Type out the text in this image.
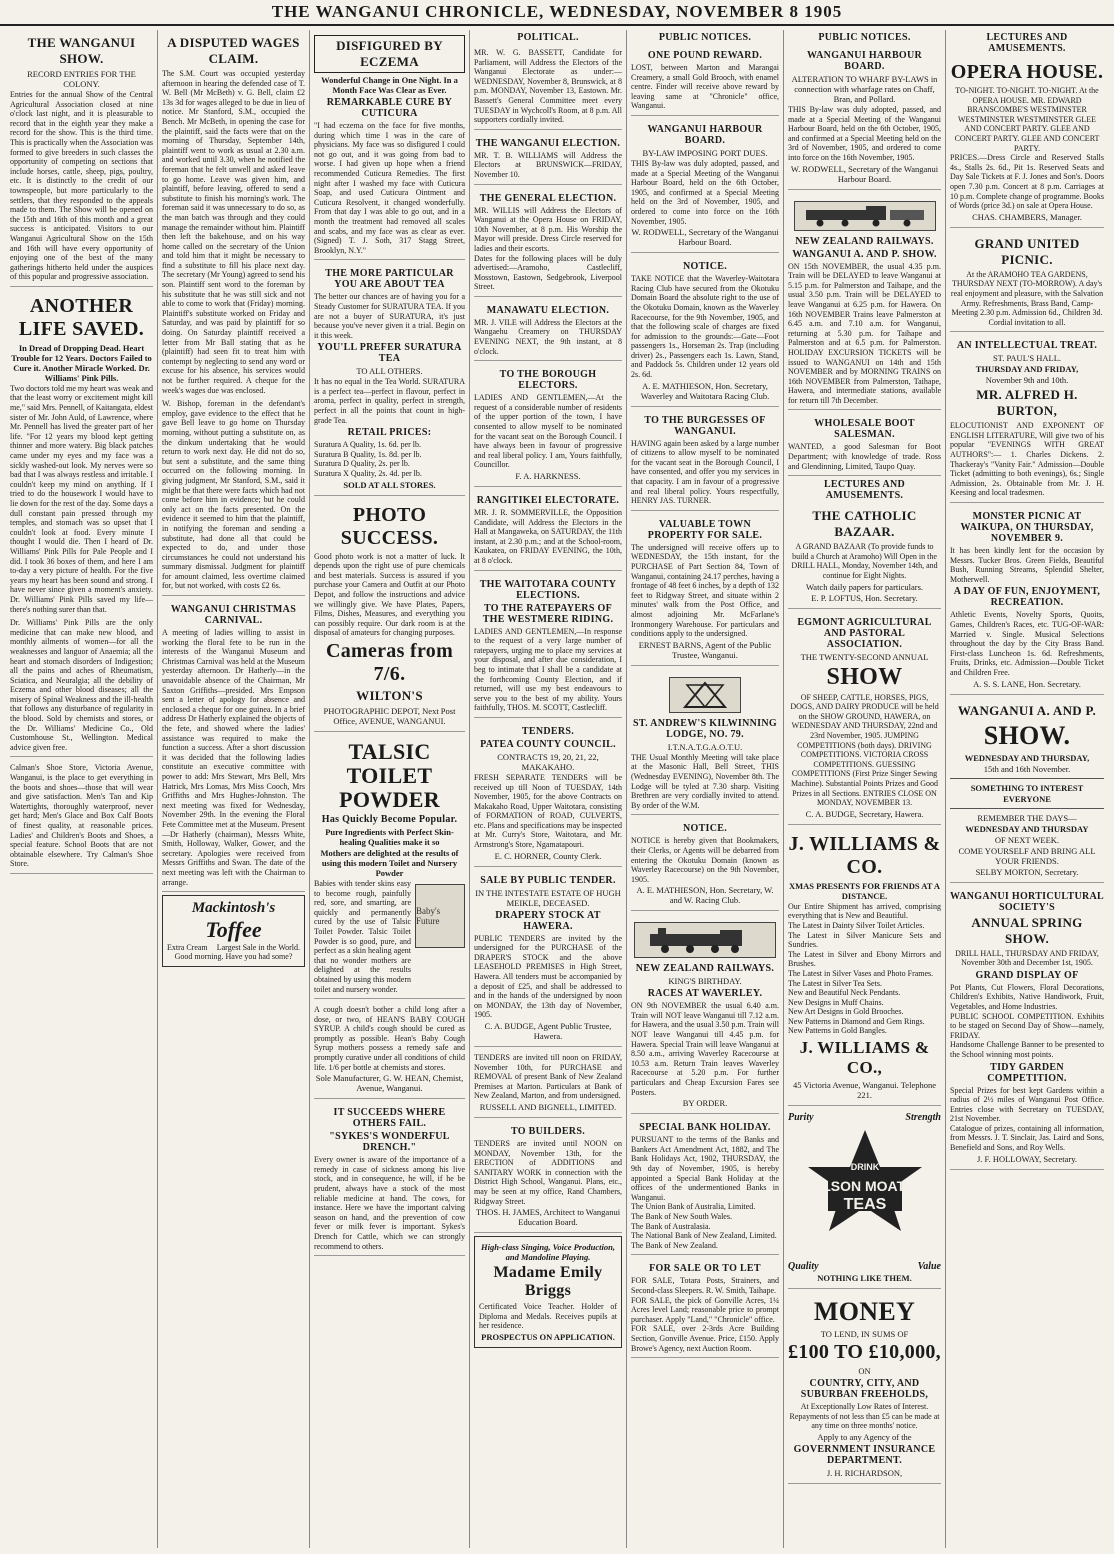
THE WANGANUI CHRONICLE, WEDNESDAY, NOVEMBER 8 1905
THE WANGANUI SHOW.
RECORD ENTRIES FOR THE COLONY.
Entries for the annual Show of the Central Agricultural Association closed at nine o'clock last night, and it is pleasurable to record that in the eighth year they make a record for the show. This is the third time. This is practically when the Association was formed to give breeders in such classes the opportunity of competing on sections that include horses, cattle, sheep, pigs, poultry, etc. It is distinctly to the credit of our townspeople, but more particularly to the settlers, that they responded to the appeals made to them. The Show will be opened on the 15th and 16th of this month and a great success is anticipated. Visitors to our Wanganui Agricultural Show on the 15th and 16th will have every opportunity of enjoying one of the best of the many gatherings hitherto held under the auspices of this popular and progressive association.
ANOTHER LIFE SAVED.
In Dread of Dropping Dead. Heart Trouble for 12 Years. Doctors Failed to Cure it. Another Miracle Worked. Dr. Williams' Pink Pills.
Two doctors told me my heart was weak and that the least worry or excitement might kill me," said Mrs. Pennell, of Kaitangata, eldest sister of Mr. John Auld, of Lawrence, where Mr. Pennell has lived the greater part of her life. "For 12 years my blood kept getting thinner and more watery. Big black patches came under my eyes and my face was a sickly washed-out look. My nerves were so bad that I was always restless and irritable. I couldn't keep my mind on anything. If I tried to do the housework I would have to lie down for the rest of the day. Some days a dull constant pain pressed through my temples, and stomach was so upset that I couldn't look at food. Every minute I thought I would die. Then I heard of Dr. Williams' Pink Pills for Pale People and I did. I took 36 boxes of them, and here I am to-day a very picture of health. For the five years my heart has been sound and strong. I have never since given a moment's anxiety. Dr. Williams' Pink Pills saved my life—there's nothing surer than that.
Dr. Williams' Pink Pills are the only medicine that can make new blood, and monthly ailments of women—for all the weaknesses and languor of Anaemia; all the heart and stomach disorders of Indigestion; all the pains and aches of Rheumatism, Sciatica, and Neuralgia; all the debility of Eczema and other blood diseases; all the misery of Spinal Weakness and the ill-health that follows any disturbance of regularity in the blood. Sold by chemists and stores, or the Dr. Williams' Medicine Co., Old Customhouse St., Wellington. Medical advice given free.
Calman's Shoe Store, Victoria Avenue, Wanganui, is the place to get everything in the boots and shoes—those that will wear and give satisfaction. Men's Tan and Kip Watertights, thoroughly waterproof, never get hard; Men's Glace and Box Calf Boots of finest quality, at reasonable prices. Ladies' and Children's Boots and Shoes, a special feature. School Boots that are not obtainable elsewhere. Try Calman's Shoe Store.
A DISPUTED WAGES CLAIM.
The S.M. Court was occupied yesterday afternoon in hearing the defended case of T. W. Bell (Mr McBeth) v. G. Bell, claim £2 13s 3d for wages alleged to be due in lieu of notice. Mr Stanford, S.M., occupied the Bench. Mr McBeth, in opening the case for the plaintiff, said the facts were that on the morning of Thursday, September 14th, plaintiff went to work as usual at 2.30 a.m. and worked until 3.30, when he notified the foreman that he felt unwell and asked leave to go home. Leave was given him, and plaintiff, before leaving, offered to send a substitute to finish his morning's work. The foreman said it was unnecessary to do so, as the man batch was through and they could manage the remainder without him. Plaintiff then left the bakehouse, and on his way home called on the secretary of the Union and told him that it might be necessary to find a substitute to fill his place next day. The secretary (Mr Young) agreed to send his son. Plaintiff sent word to the foreman by his substitute that he was still sick and not able to come to work that (Friday) morning. Plaintiff's substitute worked on Friday and Saturday, and was paid by plaintiff for so doing. On Saturday plaintiff received a letter from Mr Ball stating that as he (plaintiff) had seen fit to treat him with contempt by neglecting to send any word or excuse for his absence, his services would not be further required. A cheque for the week's wages due was enclosed.
W. Bishop, foreman in the defendant's employ, gave evidence to the effect that he gave Bell leave to go home on Thursday morning, without putting a substitute on, as the dinkum undertaking that he would return to work next day. He did not do so, but sent a substitute, and the same thing occurred on the following morning. In giving judgment, Mr Stanford, S.M., said it might be that there were facts which had not come before him in evidence; but he could only act on the facts presented. On the evidence it seemed to him that the plaintiff, in notifying the foreman and sending a substitute, had done all that could be expected to do, and under those circumstances he could not understand his summary dismissal. Judgment for plaintiff for amount claimed, less overtime claimed for, but not worked, with costs £2 6s.
WANGANUI CHRISTMAS CARNIVAL.
A meeting of ladies willing to assist in working the floral fete to be run in the interests of the Wanganui Museum and Christmas Carnival was held at the Museum yesterday afternoon. Dr Hatherly—in the unavoidable absence of the Chairman, Mr Saxton Griffiths—presided. Mrs Empson sent a letter of apology for absence and enclosed a cheque for one guinea. In a brief address Dr Hatherly explained the objects of the fete, and showed where the ladies' assistance was required to make the function a success. After a short discussion it was decided that the following ladies constitute an executive committee with power to add: Mrs Stewart, Mrs Bell, Mrs Hatrick, Mrs Lomas, Mrs Miss Cooch, Mrs Griffiths and Mrs Hughes-Johnston. The next meeting was fixed for Wednesday, November 29th. In the evening the Floral Fete Committee met at the Museum. Present—Dr Hatherly (chairman), Messrs White, Smith, Holloway, Walker, Gower, and the secretary. Apologies were received from Messrs Griffiths and Swan. The date of the next meeting was left with the Chairman to arrange.
Mackintosh's
Toffee
Extra Cream Largest Sale in the World.
Good morning. Have you had some?
DISFIGURED BY ECZEMA
Wonderful Change in One Night. In a Month Face Was Clear as Ever.
REMARKABLE CURE BY CUTICURA
"I had eczema on the face for five months, during which time I was in the care of physicians. My face was so disfigured I could not go out, and it was going from bad to worse. I had given up hope when a friend recommended Cuticura Remedies. The first night after I washed my face with Cuticura Soap, and used Cuticura Ointment and Cuticura Resolvent, it changed wonderfully. From that day I was able to go out, and in a month the treatment had removed all scales and scabs, and my face was as clear as ever. (Signed) T. J. Soth, 317 Stagg Street, Brooklyn, N.Y."
THE MORE PARTICULAR YOU ARE ABOUT TEA
The better our chances are of having you for a Steady Customer for SURATURA TEA. If you are not a buyer of SURATURA, it's just because you've never given it a trial. Begin on it this week.
YOU'LL PREFER SURATURA TEA
TO ALL OTHERS.
It has no equal in the Tea World. SURATURA is a perfect tea—perfect in flavour, perfect in aroma, perfect in quality, perfect in strength, perfect in all the points that count in high-grade Tea.
RETAIL PRICES:
Suratura A Quality, 1s. 6d. per lb.
Suratura B Quality, 1s. 8d. per lb.
Suratura D Quality, 2s. per lb.
Suratura X Quality, 2s. 4d. per lb.
SOLD AT ALL STORES.
PHOTO SUCCESS.
Good photo work is not a matter of luck. It depends upon the right use of pure chemicals and best materials. Success is assured if you purchase your Camera and Outfit at our Photo Depot, and follow the instructions and advice we willingly give. We have Plates, Papers, Films, Dishes, Measures, and everything you can possibly require. Our dark room is at the disposal of amateurs for changing purposes.
Cameras from 7/6.
WILTON'S
PHOTOGRAPHIC DEPOT, Next Post Office, AVENUE, WANGANUI.
TALSIC TOILET POWDER
Has Quickly Become Popular.
Pure Ingredients with Perfect Skin-healing Qualities make it so
Mothers are delighted at the results of using this modern Toilet and Nursery Powder
Babies with tender skins easy to become rough, painfully red, sore, and smarting, are quickly and permanently cured by the use of Talsic Toilet Powder. Talsic Toilet Powder is so good, pure, and perfect as a skin healing agent that no wonder mothers are delighted at the results obtained by using this modern toilet and nursery wonder.
Baby's Future
A cough doesn't bother a child long after a dose, or two, of HEAN'S BABY COUGH SYRUP. A child's cough should be cured as promptly as possible. Hean's Baby Cough Syrup mothers possess a remedy safe and promptly curative under all conditions of child life. 1/6 per bottle at chemists and stores.
Sole Manufacturer, G. W. HEAN, Chemist, Avenue, Wanganui.
IT SUCCEEDS WHERE OTHERS FAIL.
"SYKES'S WONDERFUL DRENCH."
Every owner is aware of the importance of a remedy in case of sickness among his live stock, and in consequence, he will, if he be prudent, always have a stock of the most reliable medicine at hand. The cows, for instance. Here we have the important calving season on hand, and the prevention of cow fever or milk fever is important. Sykes's Drench for Cattle, which we can strongly recommend to others.
POLITICAL.
MR. W. G. BASSETT, Candidate for Parliament, will Address the Electors of the Wanganui Electorate as under:—WEDNESDAY, November 8, Brunswick, at 8 p.m. MONDAY, November 13, Eastown. Mr. Bassett's General Committee meet every TUESDAY in Wychcoll's Room, at 8 p.m. All supporters cordially invited.
THE WANGANUI ELECTION.
MR. T. B. WILLIAMS will Address the Electors at BRUNSWICK—FRIDAY, November 10.
THE GENERAL ELECTION.
MR. WILLIS will Address the Electors of Wanganui at the Opera House on FRIDAY, 10th November, at 8 p.m. His Worship the Mayor will preside. Dress Circle reserved for ladies and their escorts.
Dates for the following places will be duly advertised:—Aramoho, Castlecliff, Mosstown, Eastown, Sedgebrook, Liverpool Street.
MANAWATU ELECTION.
MR. J. VILE will Address the Electors at the Wangaehu Creamery on THURSDAY EVENING NEXT, the 9th instant, at 8 o'clock.
TO THE BOROUGH ELECTORS.
LADIES AND GENTLEMEN,—At the request of a considerable number of residents of the upper portion of the town, I have consented to allow myself to be nominated for the vacant seat on the Borough Council. I have always been in favour of progressive and real liberal policy. I am, Yours faithfully, Councillor.
F. A. HARKNESS.
RANGITIKEI ELECTORATE.
MR. J. R. SOMMERVILLE, the Opposition Candidate, will Address the Electors in the Hall at Mangaweka, on SATURDAY, the 11th instant, at 2.30 p.m.; and at the School-room, Kaukatea, on FRIDAY EVENING, the 10th, at 8 o'clock.
THE WAITOTARA COUNTY ELECTIONS.
TO THE RATEPAYERS OF THE WESTMERE RIDING.
LADIES AND GENTLEMEN,—In response to the request of a very large number of ratepayers, urging me to place my services at your disposal, and after due consideration, I beg to intimate that I shall be a candidate at the forthcoming County Election, and if returned, will use my best endeavours to serve you to the best of my ability. Yours faithfully, THOS. M. SCOTT, Castlecliff.
TENDERS.
PATEA COUNTY COUNCIL.
CONTRACTS 19, 20, 21, 22, MAKAKAHO.
FRESH SEPARATE TENDERS will be received up till Noon of TUESDAY, 14th November, 1905, for the above Contracts on Makakaho Road, Upper Waitotara, consisting of FORMATION of ROAD, CULVERTS, etc. Plans and specifications may be inspected at Mr. Curry's Store, Waitotara, and Mr. Armstrong's Store, Ngamatapouri.
E. C. HORNER, County Clerk.
SALE BY PUBLIC TENDER.
IN THE INTESTATE ESTATE OF HUGH MEIKLE, DECEASED.
DRAPERY STOCK AT HAWERA.
PUBLIC TENDERS are invited by the undersigned for the PURCHASE of the DRAPER'S STOCK and the above LEASEHOLD PREMISES in High Street, Hawera. All tenders must be accompanied by a deposit of £25, and shall be addressed to and in the hands of the undersigned by noon on MONDAY, the 13th day of November, 1905.
C. A. BUDGE, Agent Public Trustee, Hawera.
TENDERS are invited till noon on FRIDAY, November 10th, for PURCHASE and REMOVAL of present Bank of New Zealand Premises at Marton. Particulars at Bank of New Zealand, Marton, and from undersigned.
RUSSELL AND BIGNELL, LIMITED.
TO BUILDERS.
TENDERS are invited until NOON on MONDAY, November 13th, for the ERECTION of ADDITIONS and SANITARY WORK in connection with the District High School, Wanganui. Plans, etc., may be seen at my office, Rand Chambers, Ridgway Street.
THOS. H. JAMES, Architect to Wanganui Education Board.
High-class Singing, Voice Production, and Mandoline Playing.
Madame Emily Briggs
Certificated Voice Teacher. Holder of Diploma and Medals. Receives pupils at her residence.
PROSPECTUS ON APPLICATION.
PUBLIC NOTICES.
ONE POUND REWARD.
LOST, between Marton and Marangai Creamery, a small Gold Brooch, with enamel centre. Finder will receive above reward by leaving same at "Chronicle" office, Wanganui.
WANGANUI HARBOUR BOARD.
BY-LAW IMPOSING PORT DUES.
THIS By-law was duly adopted, passed, and made at a Special Meeting of the Wanganui Harbour Board, held on the 6th October, 1905, and confirmed at a Special Meeting held on the 3rd of November, 1905, and ordered to come into force on the 16th November, 1905.
W. RODWELL, Secretary of the Wanganui Harbour Board.
NOTICE.
TAKE NOTICE that the Waverley-Waitotara Racing Club have secured from the Okotuku Domain Board the absolute right to the use of the Okotuku Domain, known as the Waverley Racecourse, for the 9th November, 1905, and that the following scale of charges are fixed for admission to the grounds:—Gate—Foot passengers 1s., Horseman 2s. Trap (including driver) 2s., Passengers each 1s. Lawn, Stand, and Paddock 5s. Children under 12 years old 2s. 6d.
A. E. MATHIESON, Hon. Secretary, Waverley and Waitotara Racing Club.
TO THE BURGESSES OF WANGANUI.
HAVING again been asked by a large number of citizens to allow myself to be nominated for the vacant seat in the Borough Council, I have consented, and offer you my services in that capacity. I am in favour of a progressive and real liberal policy. Yours respectfully, HENRY JAS. TURNER.
VALUABLE TOWN PROPERTY FOR SALE.
The undersigned will receive offers up to WEDNESDAY, the 15th instant, for the PURCHASE of Part Section 84, Town of Wanganui, containing 24.17 perches, having a frontage of 48 feet 6 inches, by a depth of 132 feet to Ridgway Street, and situate within 2 minutes' walk from the Post Office, and almost adjoining Mr. McFarlane's Ironmongery Warehouse. For particulars and conditions apply to the undersigned.
ERNEST BARNS, Agent of the Public Trustee, Wanganui.
ST. ANDREW'S KILWINNING LODGE, NO. 79.
I.T.N.A.T.G.A.O.T.U.
THE Usual Monthly Meeting will take place at the Masonic Hall, Bell Street, THIS (Wednesday EVENING), November 8th. The Lodge will be tyled at 7.30 sharp. Visiting Brethren are very cordially invited to attend. By order of the W.M.
NOTICE.
NOTICE is hereby given that Bookmakers, their Clerks, or Agents will be debarred from entering the Okotuku Domain (known as Waverley Racecourse) on the 9th November, 1905.
A. E. MATHIESON, Hon. Secretary, W. and W. Racing Club.
NEW ZEALAND RAILWAYS.
KING'S BIRTHDAY.
RACES AT WAVERLEY.
ON 9th NOVEMBER the usual 6.40 a.m. Train will NOT leave Wanganui till 7.12 a.m. for Hawera, and the usual 3.50 p.m. Train will NOT leave Wanganui till 4.45 p.m. for Hawera. Special Train will leave Wanganui at 8.50 a.m., arriving Waverley Racecourse at 10.53 a.m. Return Train leaves Waverley Racecourse at 5.20 p.m. For further particulars and Cheap Excursion Fares see Posters.
BY ORDER.
SPECIAL BANK HOLIDAY.
PURSUANT to the terms of the Banks and Bankers Act Amendment Act, 1882, and The Bank Holidays Act, 1902, THURSDAY, the 9th day of November, 1905, is hereby appointed a Special Bank Holiday at the offices of the undermentioned Banks in Wanganui.
The Union Bank of Australia, Limited.
The Bank of New South Wales.
The Bank of Australasia.
The National Bank of New Zealand, Limited.
The Bank of New Zealand.
FOR SALE OR TO LET
FOR SALE, Totara Posts, Strainers, and Second-class Sleepers. R. W. Smith, Taihape.
FOR SALE, the pick of Gonville Acres, 1¼ Acres level Land; reasonable price to prompt purchaser. Apply "Land," "Chronicle" office.
FOR SALE, over 2-3rds Acre Building Section, Gonville Avenue. Price, £150. Apply Browe's Agency, next Auction Room.
PUBLIC NOTICES.
WANGANUI HARBOUR BOARD.
ALTERATION TO WHARF BY-LAWS in connection with wharfage rates on Chaff, Bran, and Pollard.
THIS By-law was duly adopted, passed, and made at a Special Meeting of the Wanganui Harbour Board, held on the 6th October, 1905, and confirmed at a Special Meeting held on the 3rd of November, 1905, and ordered to come into force on the 16th November, 1905.
W. RODWELL, Secretary of the Wanganui Harbour Board.
NEW ZEALAND RAILWAYS.
WANGANUI A. AND P. SHOW.
ON 15th NOVEMBER, the usual 4.35 p.m. Train will be DELAYED to leave Wanganui at 5.15 p.m. for Palmerston and Taihape, and the usual 3.50 p.m. Train will be DELAYED to leave Wanganui at 6.25 p.m. for Hawera. On 16th NOVEMBER Trains leave Palmerston at 6.45 a.m. and 7.10 a.m. for Wanganui, returning at 5.30 p.m. for Taihape and Palmerston and at 6.5 p.m. for Palmerston. HOLIDAY EXCURSION TICKETS will be issued to WANGANUI on 14th and 15th NOVEMBER and by MORNING TRAINS on 16th NOVEMBER from Palmerston, Taihape, Hawera, and intermediate stations, available for return till 7th December.
WHOLESALE BOOT SALESMAN.
WANTED, a good Salesman for Boot Department; with knowledge of trade. Ross and Glendinning, Limited, Taupo Quay.
LECTURES AND AMUSEMENTS.
THE CATHOLIC BAZAAR.
A GRAND BAZAAR (To provide funds to build a Church at Aramoho) Will Open in the DRILL HALL, Monday, November 14th, and continue for Eight Nights.
Watch daily papers for particulars.
E. P. LOFTUS, Hon. Secretary.
EGMONT AGRICULTURAL AND PASTORAL ASSOCIATION.
THE TWENTY-SECOND ANNUAL
SHOW
OF SHEEP, CATTLE, HORSES, PIGS, DOGS, AND DAIRY PRODUCE will be held on the SHOW GROUND, HAWERA, on WEDNESDAY AND THURSDAY, 22nd and 23rd November, 1905. JUMPING COMPETITIONS (both days). DRIVING COMPETITIONS. VICTORIA CROSS COMPETITIONS. GUESSING COMPETITIONS (First Prize Singer Sewing Machine). Substantial Points Prizes and Good Prizes in all Sections. ENTRIES CLOSE ON MONDAY, NOVEMBER 13.
C. A. BUDGE, Secretary, Hawera.
J. WILLIAMS & CO.
XMAS PRESENTS FOR FRIENDS AT A DISTANCE.
Our Entire Shipment has arrived, comprising everything that is New and Beautiful.
The Latest in Dainty Silver Toilet Articles.
The Latest in Silver Manicure Sets and Sundries.
The Latest in Silver and Ebony Mirrors and Brushes.
The Latest in Silver Vases and Photo Frames.
The Latest in Silver Tea Sets.
New and Beautiful Neck Pendants.
New Designs in Muff Chains.
New Art Designs in Gold Brooches.
New Patterns in Diamond and Gem Rings.
New Patterns in Gold Bangles.
J. WILLIAMS & CO.,
45 Victoria Avenue, Wanganui. Telephone 221.
Purity	Strength
DRINK
NELSON MOATE'S
TEAS
Quality	Value
NOTHING LIKE THEM.
MONEY
TO LEND, IN SUMS OF
£100 TO £10,000,
ON
COUNTRY, CITY, AND SUBURBAN FREEHOLDS,
At Exceptionally Low Rates of Interest. Repayments of not less than £5 can be made at any time on three months' notice.
Apply to any Agency of the
GOVERNMENT INSURANCE DEPARTMENT.
J. H. RICHARDSON,
LECTURES AND AMUSEMENTS.
OPERA HOUSE.
TO-NIGHT. TO-NIGHT. TO-NIGHT. At the OPERA HOUSE. MR. EDWARD BRANSCOMBE'S WESTMINSTER WESTMINSTER WESTMINSTER GLEE AND CONCERT PARTY. GLEE AND CONCERT PARTY. GLEE AND CONCERT PARTY.
PRICES.—Dress Circle and Reserved Stalls 4s., Stalls 2s. 6d., Pit 1s. Reserved Seats and Day Sale Tickets at F. J. Jones and Son's. Doors open 7.30 p.m. Concert at 8 p.m. Carriages at 10 p.m. Complete change of programme. Books of Words (price 3d.) on sale at Opera House.
CHAS. CHAMBERS, Manager.
GRAND UNITED PICNIC.
At the ARAMOHO TEA GARDENS, THURSDAY NEXT (TO-MORROW). A day's real enjoyment and pleasure, with the Salvation Army. Refreshments, Brass Band, Camp-Meeting 2.30 p.m. Admission 6d., Children 3d. Cordial invitation to all.
AN INTELLECTUAL TREAT.
ST. PAUL'S HALL.
THURSDAY AND FRIDAY,
November 9th and 10th.
MR. ALFRED H. BURTON,
ELOCUTIONIST AND EXPONENT OF ENGLISH LITERATURE, Will give two of his popular "EVENINGS WITH GREAT AUTHORS":— 1. Charles Dickens. 2. Thackeray's "Vanity Fair." Admission—Double Ticket (admitting to both evenings), 6s.; Single Admission, 2s. Obtainable from Mr. J. H. Keesing and local tradesmen.
MONSTER PICNIC AT WAIKUPA, ON THURSDAY, NOVEMBER 9.
It has been kindly lent for the occasion by Messrs. Tucker Bros. Green Fields, Beautiful Bush, Running Streams, Splendid Shelter, Motherwell.
A DAY OF FUN, ENJOYMENT, RECREATION.
Athletic Events, Novelty Sports, Quoits, Games, Children's Races, etc. TUG-OF-WAR: Married v. Single. Musical Selections throughout the day by the City Brass Band. First-class Luncheon 1s. 6d. Refreshments, Fruits, Drinks, etc. Admission—Double Ticket and Children Free.
A. S. S. LANE, Hon. Secretary.
WANGANUI A. AND P.
SHOW.
WEDNESDAY AND THURSDAY,
15th and 16th November.
SOMETHING TO INTEREST
EVERYONE
REMEMBER THE DAYS—
WEDNESDAY AND THURSDAY
OF NEXT WEEK.
COME YOURSELF AND BRING ALL YOUR FRIENDS.
SELBY MORTON, Secretary.
WANGANUI HORTICULTURAL SOCIETY'S
ANNUAL SPRING SHOW.
DRILL HALL, THURSDAY AND FRIDAY, November 30th and December 1st, 1905.
GRAND DISPLAY OF
Pot Plants, Cut Flowers, Floral Decorations, Children's Exhibits, Native Handiwork, Fruit, Vegetables, and Home Industries.
PUBLIC SCHOOL COMPETITION. Exhibits to be staged on Second Day of Show—namely, FRIDAY.
Handsome Challenge Banner to be presented to the School winning most points.
TIDY GARDEN COMPETITION.
Special Prizes for best kept Gardens within a radius of 2½ miles of Wanganui Post Office. Entries close with Secretary on TUESDAY, 21st November.
Catalogue of prizes, containing all information, from Messrs. J. T. Sinclair, Jas. Laird and Sons, Benefield and Sons, and Roy Wells.
J. F. HOLLOWAY, Secretary.
